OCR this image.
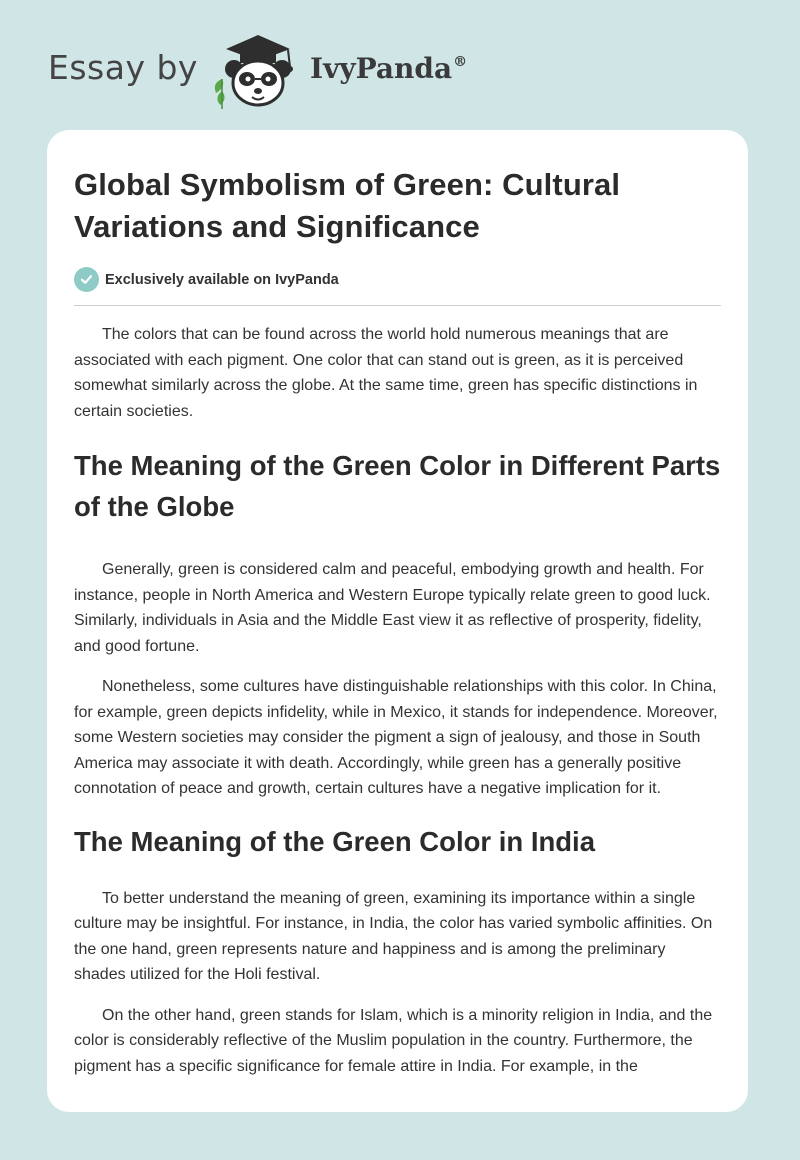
Essay by	IvyPanda®
Global Symbolism of Green: Cultural Variations and Significance
Exclusively available on IvyPanda

The colors that can be found across the world hold numerous meanings that are associated with each pigment. One color that can stand out is green, as it is perceived somewhat similarly across the globe. At the same time, green has specific distinctions in certain societies.

The Meaning of the Green Color in Different Parts of the Globe

Generally, green is considered calm and peaceful, embodying growth and health. For instance, people in North America and Western Europe typically relate green to good luck. Similarly, individuals in Asia and the Middle East view it as reflective of prosperity, fidelity, and good fortune.

Nonetheless, some cultures have distinguishable relationships with this color. In China, for example, green depicts infidelity, while in Mexico, it stands for independence. Moreover, some Western societies may consider the pigment a sign of jealousy, and those in South America may associate it with death. Accordingly, while green has a generally positive connotation of peace and growth, certain cultures have a negative implication for it.

The Meaning of the Green Color in India

To better understand the meaning of green, examining its importance within a single culture may be insightful. For instance, in India, the color has varied symbolic affinities. On the one hand, green represents nature and happiness and is among the preliminary shades utilized for the Holi festival.

On the other hand, green stands for Islam, which is a minority religion in India, and the color is considerably reflective of the Muslim population in the country. Furthermore, the pigment has a specific significance for female attire in India. For example, in the
